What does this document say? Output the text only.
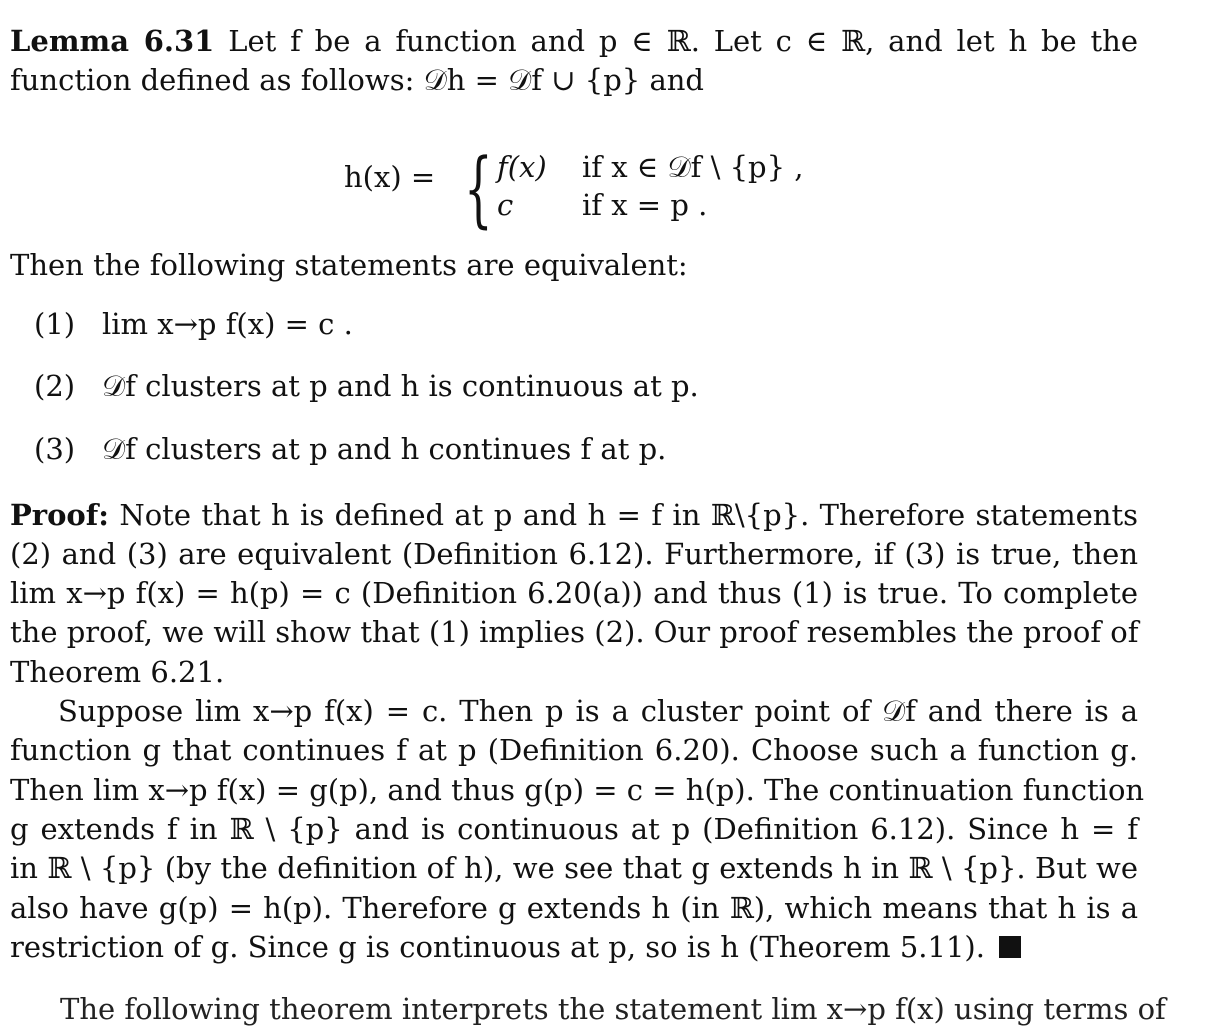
Lemma 6.31 Let f be a function and p ∈ ℝ. Let c ∈ ℝ, and let h be the
function defined as follows: 𝒟h = 𝒟f ∪ {p} and
h(x) = { f(x) if x ∈ 𝒟f \ {p} ,
c if x = p .
Then the following statements are equivalent:
(1) lim x→p f(x) = c .
(2) 𝒟f clusters at p and h is continuous at p.
(3) 𝒟f clusters at p and h continues f at p.
Proof: Note that h is defined at p and h = f in ℝ\{p}. Therefore statements
(2) and (3) are equivalent (Definition 6.12). Furthermore, if (3) is true, then
lim x→p f(x) = h(p) = c (Definition 6.20(a)) and thus (1) is true. To complete
the proof, we will show that (1) implies (2). Our proof resembles the proof of
Theorem 6.21.
Suppose lim x→p f(x) = c. Then p is a cluster point of 𝒟f and there is a
function g that continues f at p (Definition 6.20). Choose such a function g.
Then lim x→p f(x) = g(p), and thus g(p) = c = h(p). The continuation function
g extends f in ℝ \ {p} and is continuous at p (Definition 6.12). Since h = f
in ℝ \ {p} (by the definition of h), we see that g extends h in ℝ \ {p}. But we
also have g(p) = h(p). Therefore g extends h (in ℝ), which means that h is a
restriction of g. Since g is continuous at p, so is h (Theorem 5.11).
The following theorem interprets the statement lim x→p f(x) using terms of
